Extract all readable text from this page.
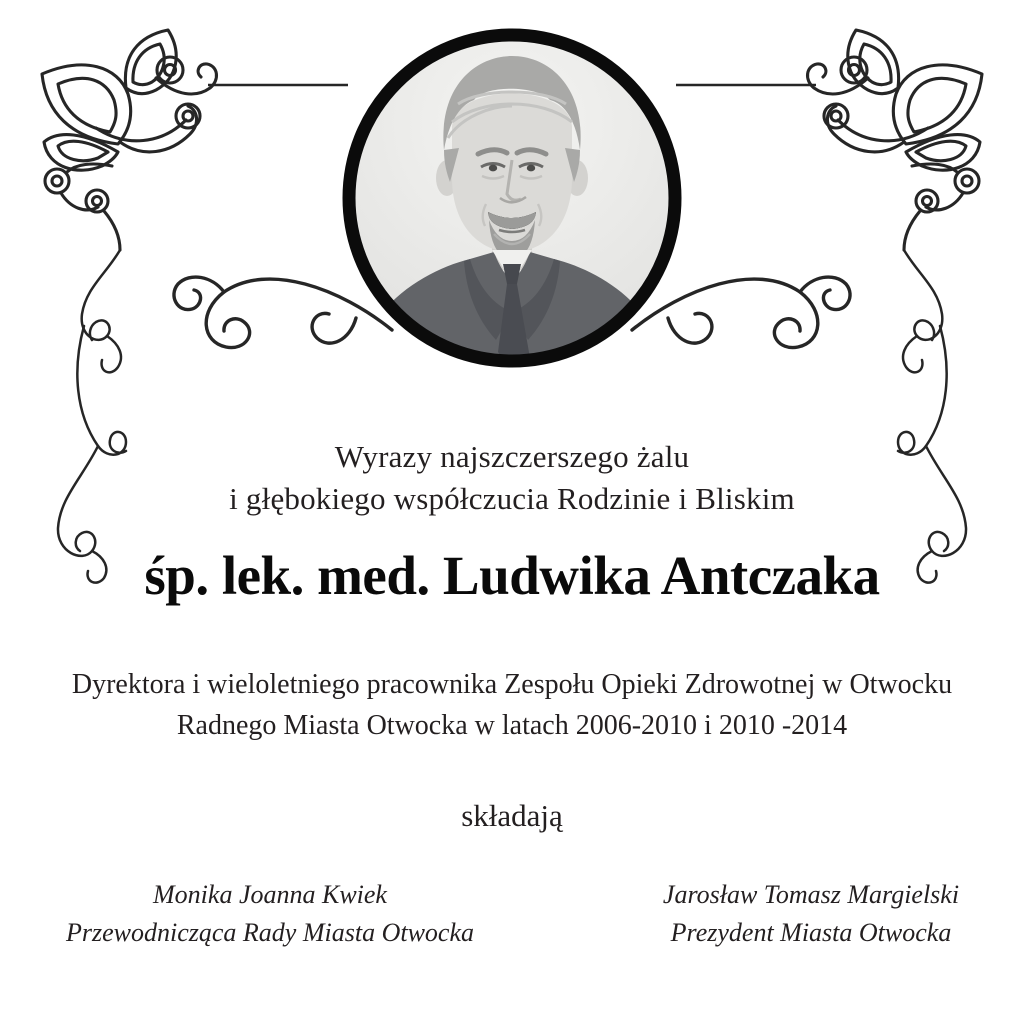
Wyrazy najszczerszego żalu
i głębokiego współczucia Rodzinie i Bliskim
śp. lek. med. Ludwika Antczaka
Dyrektora i wieloletniego pracownika Zespołu Opieki Zdrowotnej w Otwocku
Radnego Miasta Otwocka w latach 2006-2010 i 2010 -2014
składają
Monika Joanna Kwiek
Przewodnicząca Rady Miasta Otwocka
Jarosław Tomasz Margielski
Prezydent Miasta Otwocka
